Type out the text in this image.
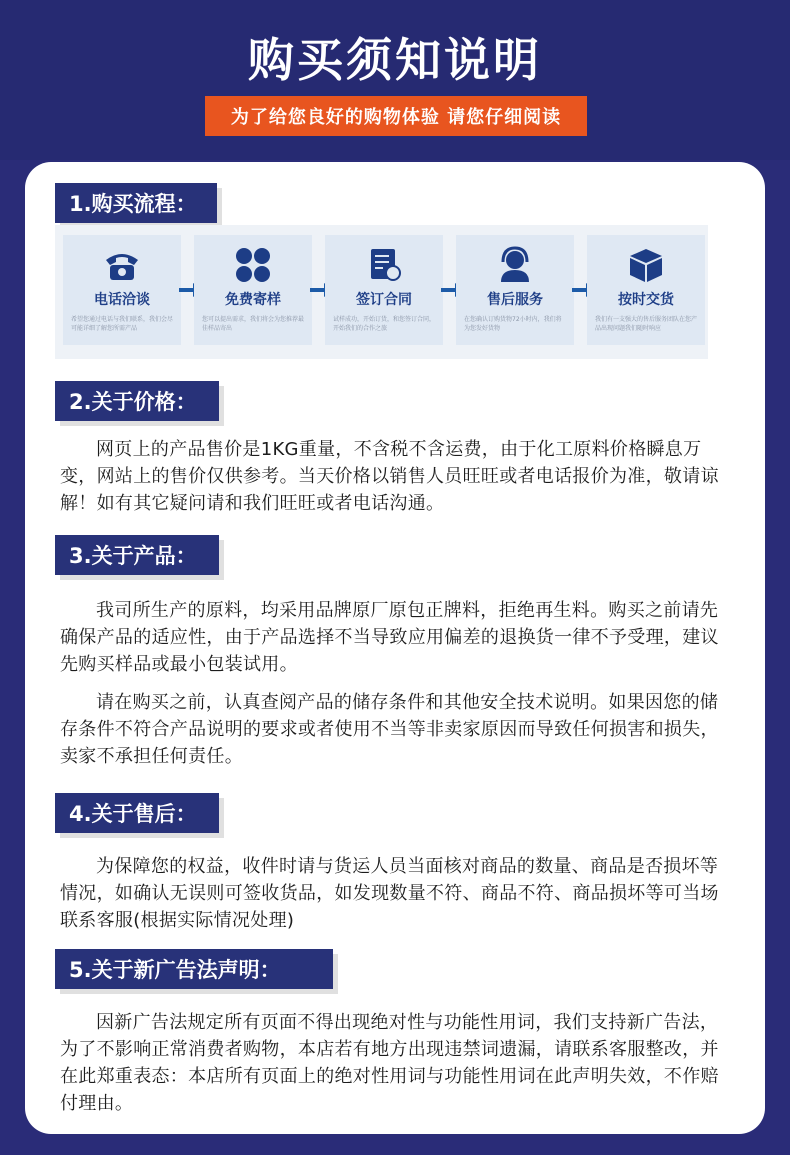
购买须知说明
为了给您良好的购物体验 请您仔细阅读
1.购买流程：
电话洽谈
希望您通过电话与我们联系，我们会尽可能详细了解您所需产品
免费寄样
您可以提出需求，我们将会为您推荐最佳样品寄出
签订合同
试样成功，开始订货，和您签订合同，开始我们的合作之旅
售后服务
在您确认订购货物72小时内，我们将为您发好货物
按时交货
我们有一支强大的售后服务团队在您产品出现问题我们随时响应
2.关于价格：
网页上的产品售价是1KG重量，不含税不含运费，由于化工原料价格瞬息万变，网站上的售价仅供参考。当天价格以销售人员旺旺或者电话报价为准，敬请谅解！如有其它疑问请和我们旺旺或者电话沟通。
3.关于产品：
我司所生产的原料，均采用品牌原厂原包正牌料，拒绝再生料。购买之前请先确保产品的适应性，由于产品选择不当导致应用偏差的退换货一律不予受理，建议先购买样品或最小包装试用。
请在购买之前，认真查阅产品的储存条件和其他安全技术说明。如果因您的储存条件不符合产品说明的要求或者使用不当等非卖家原因而导致任何损害和损失，卖家不承担任何责任。
4.关于售后：
为保障您的权益，收件时请与货运人员当面核对商品的数量、商品是否损坏等情况，如确认无误则可签收货品，如发现数量不符、商品不符、商品损坏等可当场联系客服(根据实际情况处理)
5.关于新广告法声明：
因新广告法规定所有页面不得出现绝对性与功能性用词，我们支持新广告法，为了不影响正常消费者购物，本店若有地方出现违禁词遗漏，请联系客服整改，并在此郑重表态：本店所有页面上的绝对性用词与功能性用词在此声明失效，不作赔付理由。
